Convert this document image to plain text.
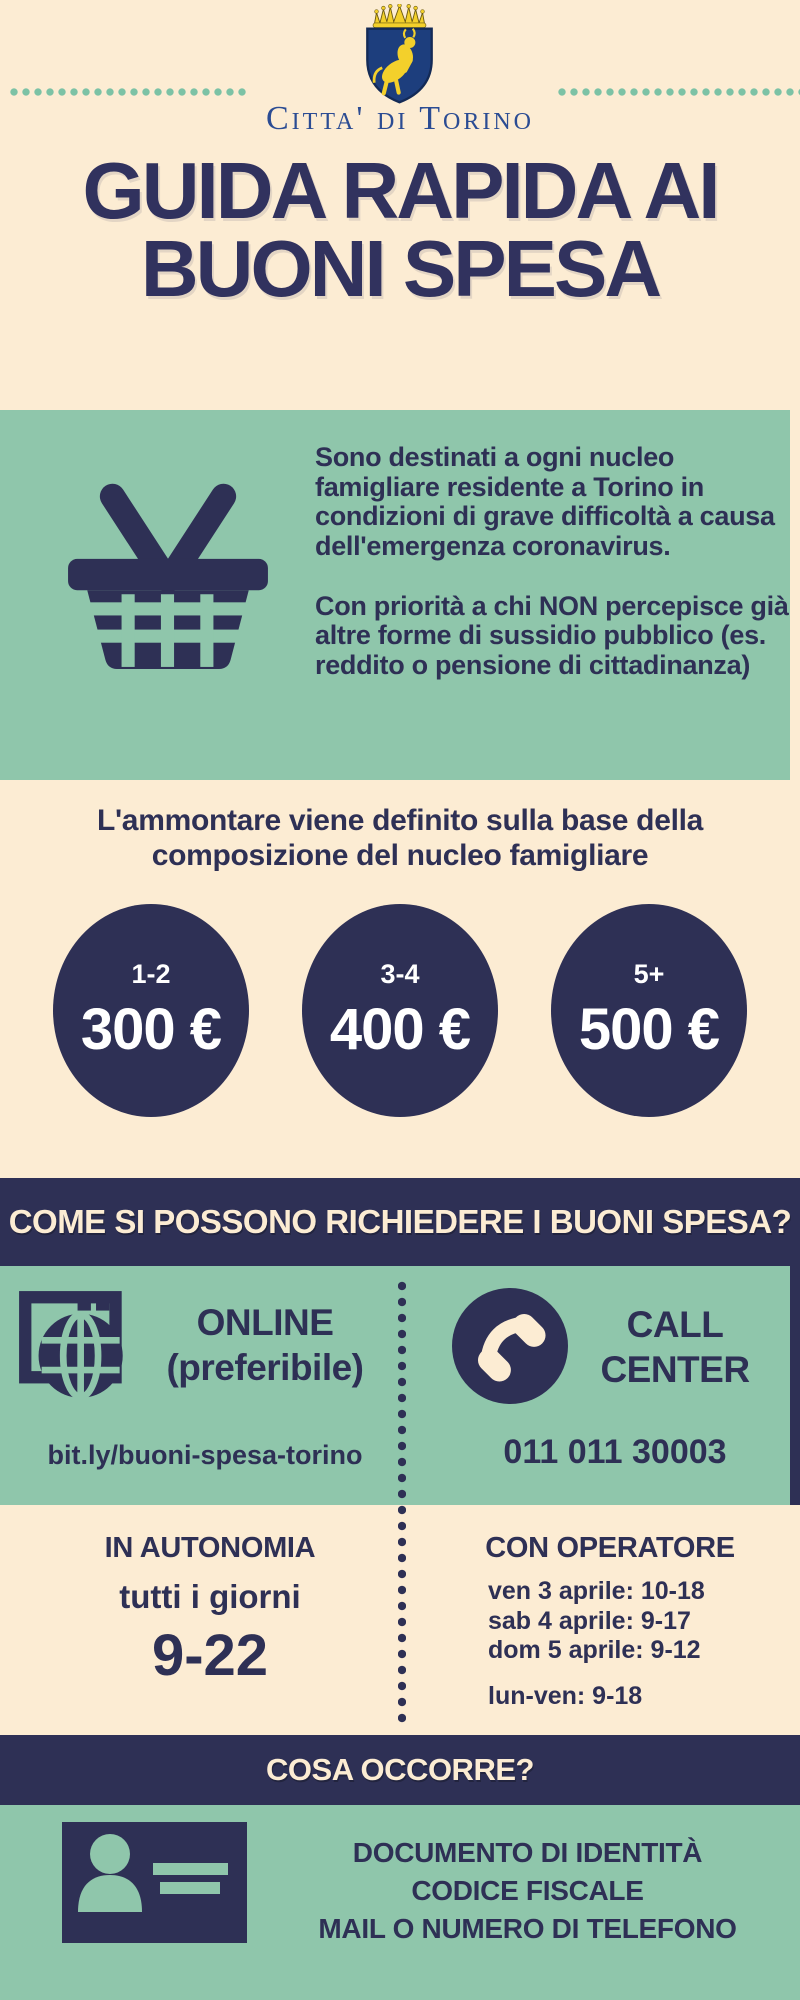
Citta' di Torino
GUIDA RAPIDA AI
BUONI SPESA

Sono destinati a ogni nucleo famigliare residente a Torino in condizioni di grave difficoltà a causa dell'emergenza coronavirus.

Con priorità a chi NON percepisce già altre forme di sussidio pubblico (es. reddito o pensione di cittadinanza)

L'ammontare viene definito sulla base della
composizione del nucleo famigliare
1-2
300 €
3-4
400 €
5+
500 €
COME SI POSSONO RICHIEDERE I BUONI SPESA?
ONLINE
(preferibile)
bit.ly/buoni-spesa-torino
CALL
CENTER
011 011 30003
IN AUTONOMIA
tutti i giorni
9-22
CON OPERATORE
ven 3 aprile: 10-18
sab 4 aprile: 9-17
dom 5 aprile: 9-12
lun-ven: 9-18
COSA OCCORRE?
DOCUMENTO DI IDENTITÀ
CODICE FISCALE
MAIL O NUMERO DI TELEFONO
